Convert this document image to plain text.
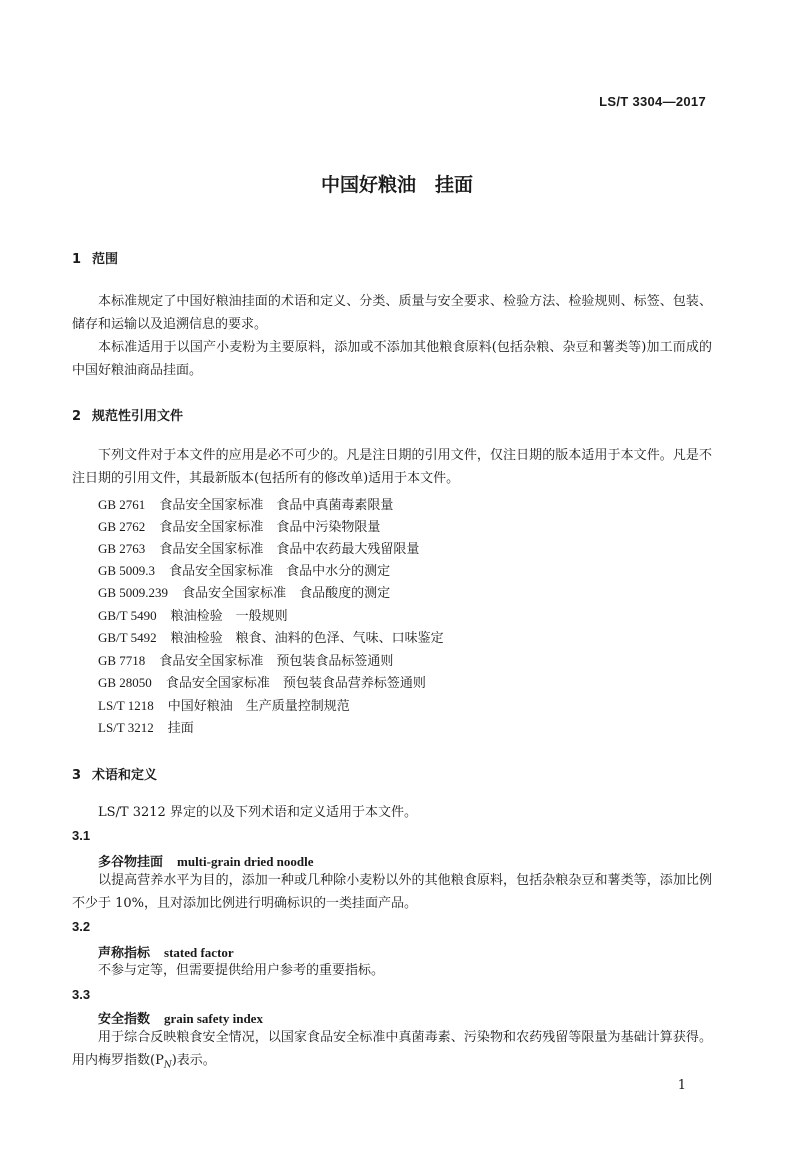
LS/T 3304—2017
中国好粮油　挂面
1 范围

本标准规定了中国好粮油挂面的术语和定义、分类、质量与安全要求、检验方法、检验规则、标签、包装、储存和运输以及追溯信息的要求。

本标准适用于以国产小麦粉为主要原料，添加或不添加其他粮食原料(包括杂粮、杂豆和薯类等)加工而成的中国好粮油商品挂面。

2 规范性引用文件

下列文件对于本文件的应用是必不可少的。凡是注日期的引用文件，仅注日期的版本适用于本文件。凡是不注日期的引用文件，其最新版本(包括所有的修改单)适用于本文件。

GB 2761 食品安全国家标准　食品中真菌毒素限量
GB 2762 食品安全国家标准　食品中污染物限量
GB 2763 食品安全国家标准　食品中农药最大残留限量
GB 5009.3 食品安全国家标准　食品中水分的测定
GB 5009.239 食品安全国家标准　食品酸度的测定
GB/T 5490 粮油检验　一般规则
GB/T 5492 粮油检验　粮食、油料的色泽、气味、口味鉴定
GB 7718 食品安全国家标准　预包装食品标签通则
GB 28050 食品安全国家标准　预包装食品营养标签通则
LS/T 1218 中国好粮油　生产质量控制规范
LS/T 3212 挂面
3 术语和定义

LS/T 3212 界定的以及下列术语和定义适用于本文件。

3.1
多谷物挂面 multi-grain dried noodle

以提高营养水平为目的，添加一种或几种除小麦粉以外的其他粮食原料，包括杂粮杂豆和薯类等，添加比例不少于 10%，且对添加比例进行明确标识的一类挂面产品。

3.2
声称指标 stated factor

不参与定等，但需要提供给用户参考的重要指标。

3.3
安全指数 grain safety index

用于综合反映粮食安全情况，以国家食品安全标准中真菌毒素、污染物和农药残留等限量为基础计算获得。用内梅罗指数$(P_N)$表示。

1
